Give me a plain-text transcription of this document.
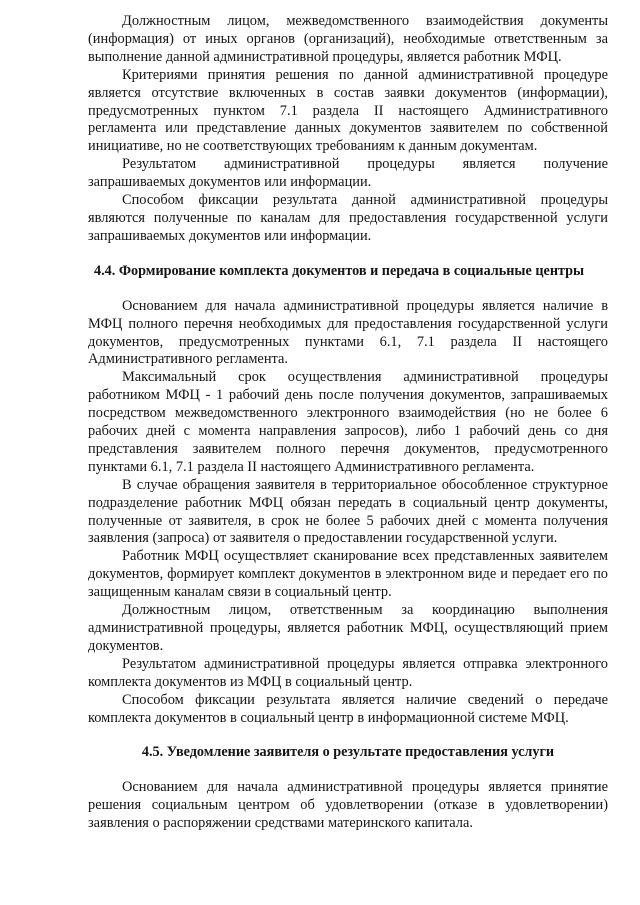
Должностным лицом, межведомственного взаимодействия документы (информация) от иных органов (организаций), необходимые ответственным за выполнение данной административной процедуры, является работник МФЦ.

Критериями принятия решения по данной административной процедуре является отсутствие включенных в состав заявки документов (информации), предусмотренных пунктом 7.1 раздела II настоящего Административного регламента или представление данных документов заявителем по собственной инициативе, но не соответствующих требованиям к данным документам.

Результатом административной процедуры является получение запрашиваемых документов или информации.

Способом фиксации результата данной административной процедуры являются полученные по каналам для предоставления государственной услуги запрашиваемых документов или информации.

4.4. Формирование комплекта документов и передача в социальные центры

Основанием для начала административной процедуры является наличие в МФЦ полного перечня необходимых для предоставления государственной услуги документов, предусмотренных пунктами 6.1, 7.1 раздела II настоящего Административного регламента.

Максимальный срок осуществления административной процедуры работником МФЦ - 1 рабочий день после получения документов, запрашиваемых посредством межведомственного электронного взаимодействия (но не более 6 рабочих дней с момента направления запросов), либо 1 рабочий день со дня представления заявителем полного перечня документов, предусмотренного пунктами 6.1, 7.1 раздела II настоящего Административного регламента.

В случае обращения заявителя в территориальное обособленное структурное подразделение работник МФЦ обязан передать в социальный центр документы, полученные от заявителя, в срок не более 5 рабочих дней с момента получения заявления (запроса) от заявителя о предоставлении государственной услуги.

Работник МФЦ осуществляет сканирование всех представленных заявителем документов, формирует комплект документов в электронном виде и передает его по защищенным каналам связи в социальный центр.

Должностным лицом, ответственным за координацию выполнения административной процедуры, является работник МФЦ, осуществляющий прием документов.

Результатом административной процедуры является отправка электронного комплекта документов из МФЦ в социальный центр.

Способом фиксации результата является наличие сведений о передаче комплекта документов в социальный центр в информационной системе МФЦ.

4.5. Уведомление заявителя о результате предоставления услуги

Основанием для начала административной процедуры является принятие решения социальным центром об удовлетворении (отказе в удовлетворении) заявления о распоряжении средствами материнского капитала.
